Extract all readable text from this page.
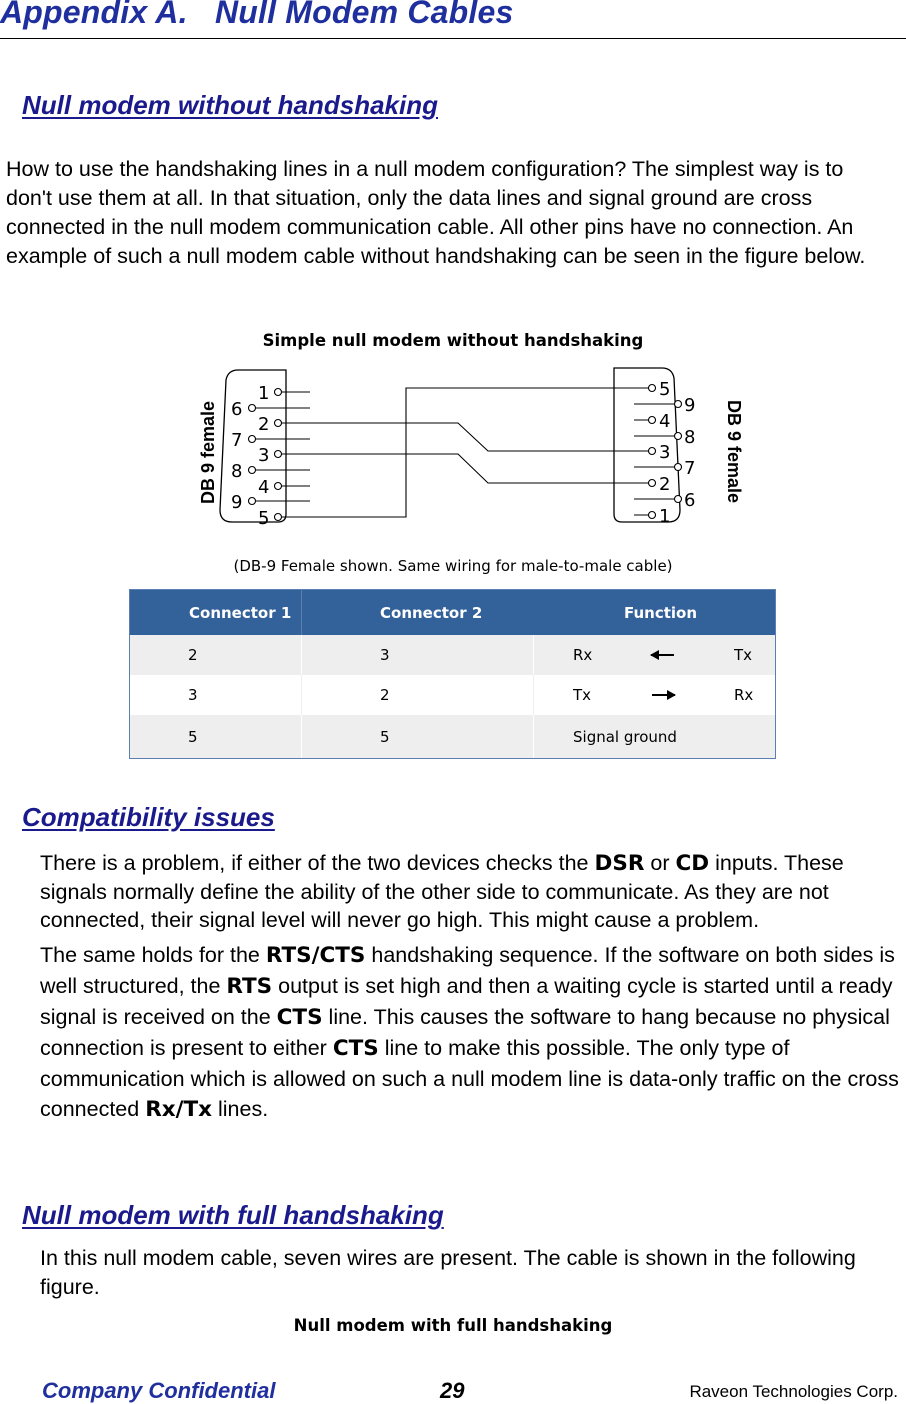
Appendix A.   Null Modem Cables
Null modem without handshaking
How to use the handshaking lines in a null modem configuration? The simplest way is to don't use them at all. In that situation, only the data lines and signal ground are cross connected in the null modem communication cable. All other pins have no connection. An example of such a null modem cable without handshaking can be seen in the figure below.
Simple null modem without handshaking
1
2
3
4
5
6
7
8
9
5
4
3
2
1
9
8
7
6
DB 9 female	DB 9 female
(DB-9 Female shown. Same wiring for male-to-male cable)
Connector 1	Connector 2	Function
2	3	Rx	Tx
3	2	Tx	Rx
5	5	Signal ground
Compatibility issues

There is a problem, if either of the two devices checks the DSR or CD inputs. These signals normally define the ability of the other side to communicate. As they are not connected, their signal level will never go high. This might cause a problem.

The same holds for the RTS/CTS handshaking sequence. If the software on both sides is well structured, the RTS output is set high and then a waiting cycle is started until a ready signal is received on the CTS line. This causes the software to hang because no physical connection is present to either CTS line to make this possible. The only type of communication which is allowed on such a null modem line is data-only traffic on the cross connected Rx/Tx lines.

Null modem with full handshaking
In this null modem cable, seven wires are present. The cable is shown in the following figure.
Null modem with full handshaking
Company Confidential	29	Raveon Technologies Corp.
